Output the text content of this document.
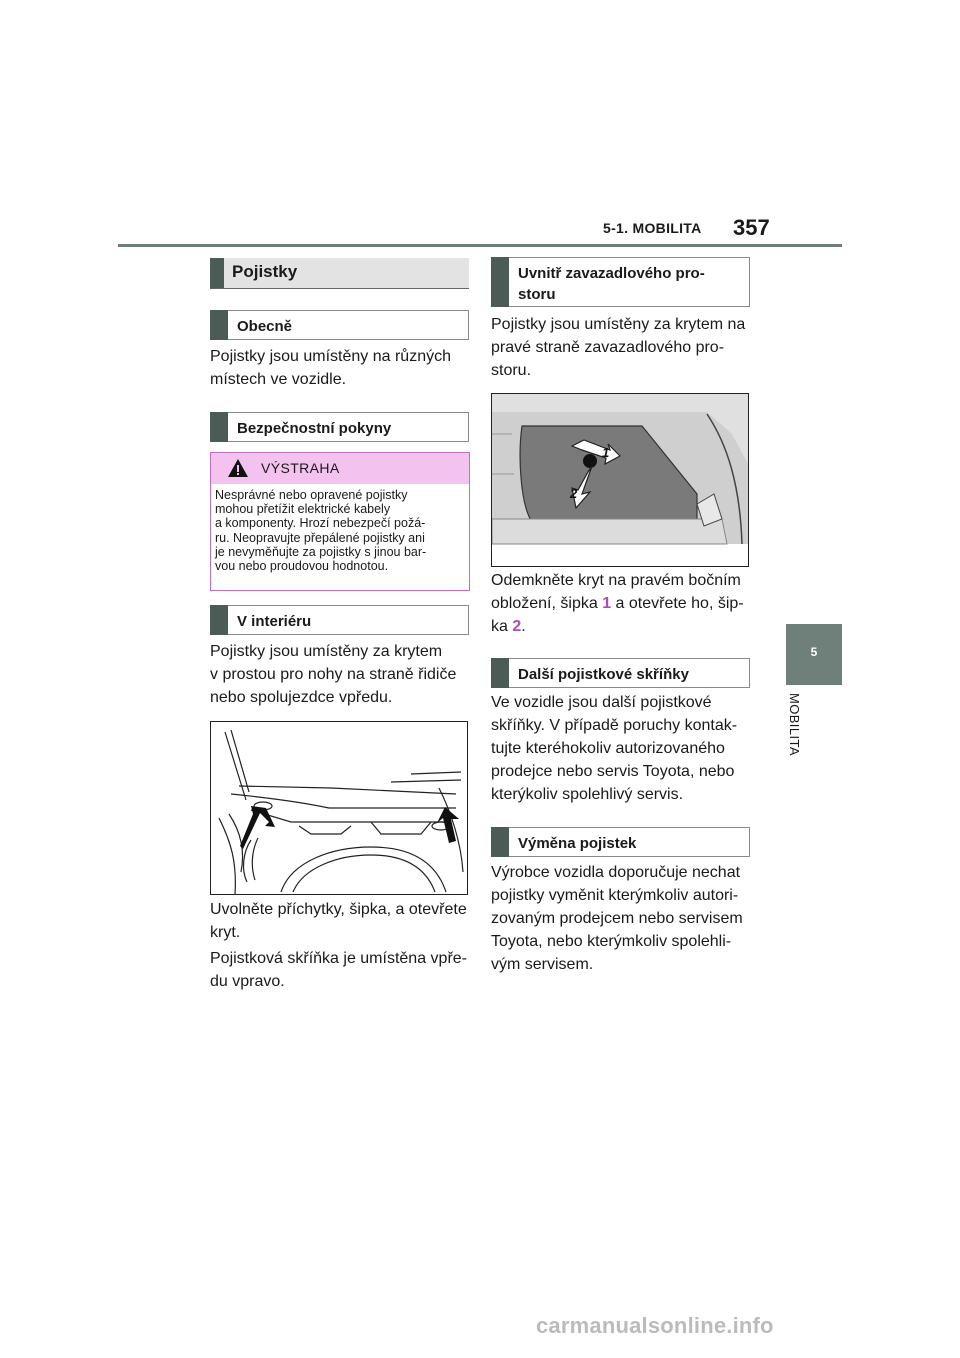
5-1. MOBILITA 357
5
MOBILITA
Pojistky
Obecně
Pojistky jsou umístěny na různých místech ve vozidle.
Bezpečnostní pokyny
VÝSTRAHA
Nesprávné nebo opravené pojistky
mohou přetížit elektrické kabely
a komponenty. Hrozí nebezpečí požá-
ru. Neopravujte přepálené pojistky ani
je nevyměňujte za pojistky s jinou bar-
vou nebo proudovou hodnotou.
V interiéru
Pojistky jsou umístěny za krytem
v prostou pro nohy na straně řidiče
nebo spolujezdce vpředu.
Uvolněte příchytky, šipka, a otevřete
kryt.
Pojistková skříňka je umístěna vpře-
du vpravo.
Uvnitř zavazadlového pro-
storu
Pojistky jsou umístěny za krytem na
pravé straně zavazadlového pro-
storu.
1
2
Odemkněte kryt na pravém bočním
obložení, šipka 1 a otevřete ho, šip-
ka 2.
Další pojistkové skříňky
Ve vozidle jsou další pojistkové
skříňky. V případě poruchy kontak-
tujte kteréhokoliv autorizovaného
prodejce nebo servis Toyota, nebo
kterýkoliv spolehlivý servis.
Výměna pojistek
Výrobce vozidla doporučuje nechat
pojistky vyměnit kterýmkoliv autori-
zovaným prodejcem nebo servisem
Toyota, nebo kterýmkoliv spolehli-
vým servisem.
carmanualsonline.info
